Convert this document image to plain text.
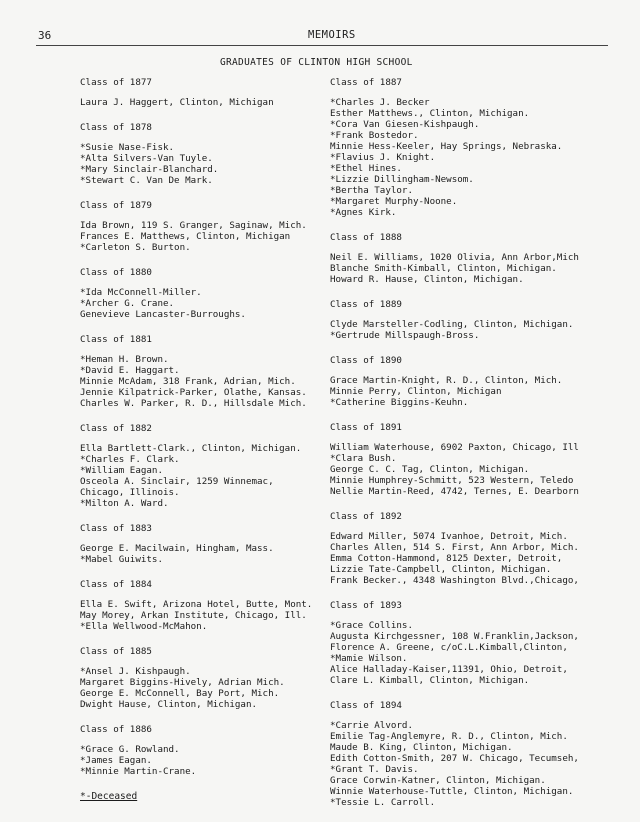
36	MEMOIRS
GRADUATES OF CLINTON HIGH SCHOOL
Class of 1877
Laura J. Haggert, Clinton, Michigan
Class of 1878
*Susie Nase-Fisk.
*Alta Silvers-Van Tuyle.
*Mary Sinclair-Blanchard.
*Stewart C. Van De Mark.
Class of 1879
Ida Brown, 119 S. Granger, Saginaw, Mich.
Frances E. Matthews, Clinton, Michigan
*Carleton S. Burton.
Class of 1880
*Ida McConnell-Miller.
*Archer G. Crane.
Genevieve Lancaster-Burroughs.
Class of 1881
*Heman H. Brown.
*David E. Haggart.
Minnie McAdam, 318 Frank, Adrian, Mich.
Jennie Kilpatrick-Parker, Olathe, Kansas.
Charles W. Parker, R. D., Hillsdale Mich.
Class of 1882
Ella Bartlett-Clark., Clinton, Michigan.
*Charles F. Clark.
*William Eagan.
Osceola A. Sinclair, 1259 Winnemac,
Chicago, Illinois.
*Milton A. Ward.
Class of 1883
George E. Macilwain, Hingham, Mass.
*Mabel Guiwits.
Class of 1884
Ella E. Swift, Arizona Hotel, Butte, Mont.
May Morey, Arkan Institute, Chicago, Ill.
*Ella Wellwood-McMahon.
Class of 1885
*Ansel J. Kishpaugh.
Margaret Biggins-Hively, Adrian Mich.
George E. McConnell, Bay Port, Mich.
Dwight Hause, Clinton, Michigan.
Class of 1886
*Grace G. Rowland.
*James Eagan.
*Minnie Martin-Crane.
*-Deceased
Class of 1887
*Charles J. Becker
Esther Matthews., Clinton, Michigan.
*Cora Van Giesen-Kishpaugh.
*Frank Bostedor.
Minnie Hess-Keeler, Hay Springs, Nebraska.
*Flavius J. Knight.
*Ethel Hines.
*Lizzie Dillingham-Newsom.
*Bertha Taylor.
*Margaret Murphy-Noone.
*Agnes Kirk.
Class of 1888
Neil E. Williams, 1020 Olivia, Ann Arbor,Mich
Blanche Smith-Kimball, Clinton, Michigan.
Howard R. Hause, Clinton, Michigan.
Class of 1889
Clyde Marsteller-Codling, Clinton, Michigan.
*Gertrude Millspaugh-Bross.
Class of 1890
Grace Martin-Knight, R. D., Clinton, Mich.
Minnie Perry, Clinton, Michigan
*Catherine Biggins-Keuhn.
Class of 1891
William Waterhouse, 6902 Paxton, Chicago, Ill
*Clara Bush.
George C. C. Tag, Clinton, Michigan.
Minnie Humphrey-Schmitt, 523 Western, Teledo
Nellie Martin-Reed, 4742, Ternes, E. Dearborn
Class of 1892
Edward Miller, 5074 Ivanhoe, Detroit, Mich.
Charles Allen, 514 S. First, Ann Arbor, Mich.
Emma Cotton-Hammond, 8125 Dexter, Detroit,
Lizzie Tate-Campbell, Clinton, Michigan.
Frank Becker., 4348 Washington Blvd.,Chicago,
Class of 1893
*Grace Collins.
Augusta Kirchgessner, 108 W.Franklin,Jackson,
Florence A. Greene, c/oC.L.Kimball,Clinton,
*Mamie Wilson.
Alice Halladay-Kaiser,11391, Ohio, Detroit,
Clare L. Kimball, Clinton, Michigan.
Class of 1894
*Carrie Alvord.
Emilie Tag-Anglemyre, R. D., Clinton, Mich.
Maude B. King, Clinton, Michigan.
Edith Cotton-Smith, 207 W. Chicago, Tecumseh,
*Grant T. Davis.
Grace Corwin-Katner, Clinton, Michigan.
Winnie Waterhouse-Tuttle, Clinton, Michigan.
*Tessie L. Carroll.
